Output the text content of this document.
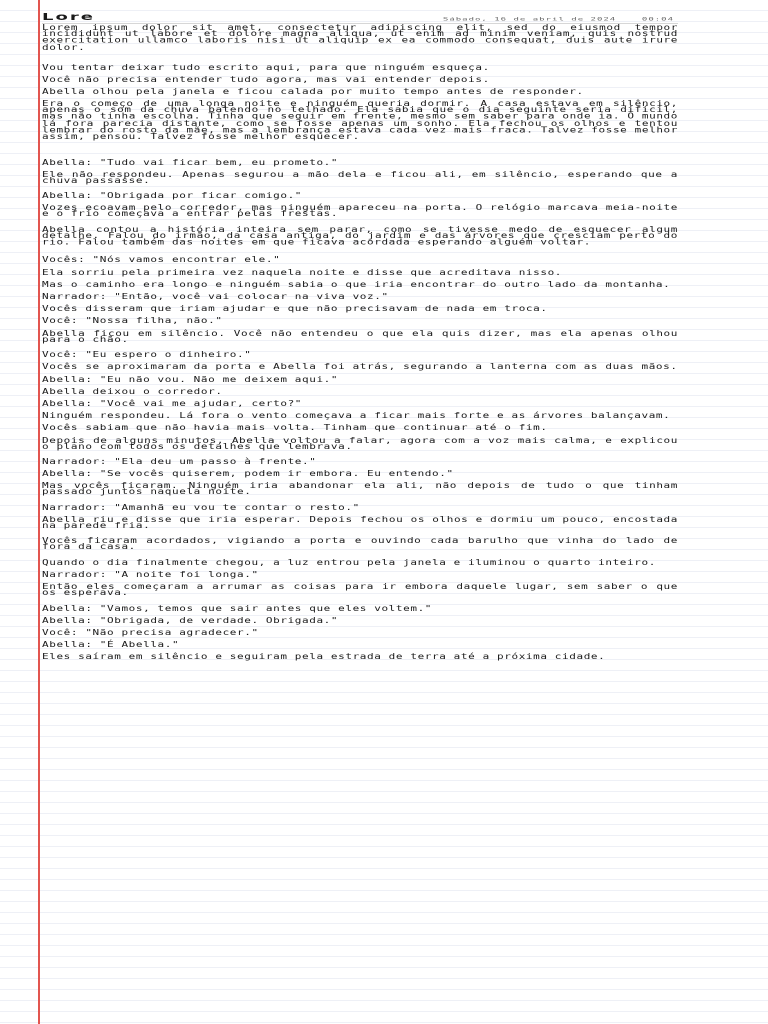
Lore	Sábado, 16 de abril de 2024	00:04

Lorem ipsum dolor sit amet, consectetur adipiscing elit, sed do eiusmod tempor incididunt ut labore et dolore magna aliqua, ut enim ad minim veniam, quis nostrud exercitation ullamco laboris nisi ut aliquip ex ea commodo consequat, duis aute irure dolor.

Vou tentar deixar tudo escrito aqui, para que ninguém esqueça.

Você não precisa entender tudo agora, mas vai entender depois.

Abella olhou pela janela e ficou calada por muito tempo antes de responder.

Era o começo de uma longa noite e ninguém queria dormir. A casa estava em silêncio, apenas o som da chuva batendo no telhado. Ela sabia que o dia seguinte seria difícil, mas não tinha escolha. Tinha que seguir em frente, mesmo sem saber para onde ia. O mundo lá fora parecia distante, como se fosse apenas um sonho. Ela fechou os olhos e tentou lembrar do rosto da mãe, mas a lembrança estava cada vez mais fraca. Talvez fosse melhor assim, pensou. Talvez fosse melhor esquecer.

Abella: "Tudo vai ficar bem, eu prometo."

Ele não respondeu. Apenas segurou a mão dela e ficou ali, em silêncio, esperando que a chuva passasse.

Abella: "Obrigada por ficar comigo."

Vozes ecoavam pelo corredor, mas ninguém apareceu na porta. O relógio marcava meia-noite e o frio começava a entrar pelas frestas.

Abella contou a história inteira sem parar, como se tivesse medo de esquecer algum detalhe. Falou do irmão, da casa antiga, do jardim e das árvores que cresciam perto do rio. Falou também das noites em que ficava acordada esperando alguém voltar.

Vocês: "Nós vamos encontrar ele."

Ela sorriu pela primeira vez naquela noite e disse que acreditava nisso.

Mas o caminho era longo e ninguém sabia o que iria encontrar do outro lado da montanha.

Narrador: "Então, você vai colocar na viva voz."

Vocês disseram que iriam ajudar e que não precisavam de nada em troca.

Você: "Nossa filha, não."

Abella ficou em silêncio. Você não entendeu o que ela quis dizer, mas ela apenas olhou para o chão.

Você: "Eu espero o dinheiro."

Vocês se aproximaram da porta e Abella foi atrás, segurando a lanterna com as duas mãos.

Abella: "Eu não vou. Não me deixem aqui."

Abella deixou o corredor.

Abella: "Você vai me ajudar, certo?"

Ninguém respondeu. Lá fora o vento começava a ficar mais forte e as árvores balançavam.

Vocês sabiam que não havia mais volta. Tinham que continuar até o fim.

Depois de alguns minutos, Abella voltou a falar, agora com a voz mais calma, e explicou o plano com todos os detalhes que lembrava.

Narrador: "Ela deu um passo à frente."

Abella: "Se vocês quiserem, podem ir embora. Eu entendo."

Mas vocês ficaram. Ninguém iria abandonar ela ali, não depois de tudo o que tinham passado juntos naquela noite.

Narrador: "Amanhã eu vou te contar o resto."

Abella riu e disse que iria esperar. Depois fechou os olhos e dormiu um pouco, encostada na parede fria.

Vocês ficaram acordados, vigiando a porta e ouvindo cada barulho que vinha do lado de fora da casa.

Quando o dia finalmente chegou, a luz entrou pela janela e iluminou o quarto inteiro.

Narrador: "A noite foi longa."

Então eles começaram a arrumar as coisas para ir embora daquele lugar, sem saber o que os esperava.

Abella: "Vamos, temos que sair antes que eles voltem."

Abella: "Obrigada, de verdade. Obrigada."

Você: "Não precisa agradecer."

Abella: "É Abella."

Eles saíram em silêncio e seguiram pela estrada de terra até a próxima cidade.
